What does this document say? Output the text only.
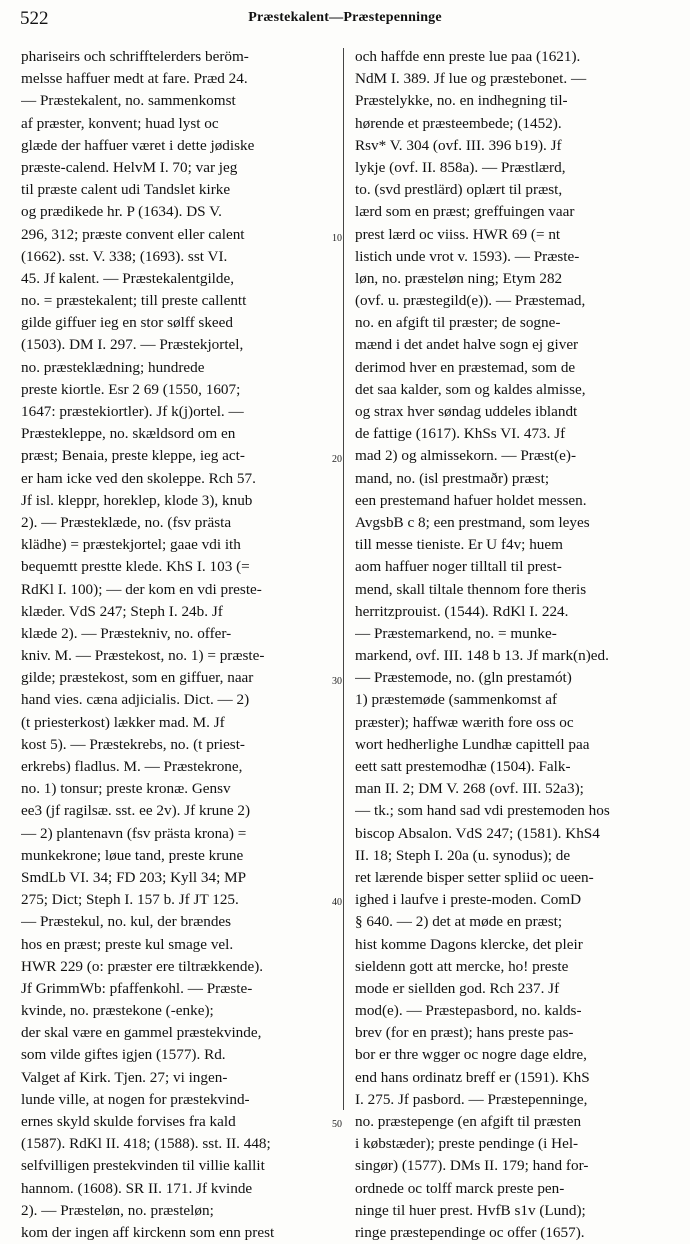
522	Præstekalent—Præstepenninge
10
20
30
40
50
phariseirs och schrifftelerders beröm-
melsse haffuer medt at fare. Præd 24.
— Præstekalent, no. sammenkomst
af præster, konvent; huad lyst oc
glæde der haffuer været i dette jødiske
præste-calend. HelvM I. 70; var jeg
til præste calent udi Tandslet kirke
og prædikede hr. P (1634). DS V.
296, 312; præste convent eller calent
(1662). sst. V. 338; (1693). sst VI.
45. Jf kalent. — Præstekalentgilde,
no. = præstekalent; till preste callentt
gilde giffuer ieg en stor sølff skeed
(1503). DM I. 297. — Præstekjortel,
no. præsteklædning; hundrede
preste kiortle. Esr 2 69 (1550, 1607;
1647: præstekiortler). Jf k(j)ortel. —
Præstekleppe, no. skældsord om en
præst; Benaia, preste kleppe, ieg act-
er ham icke ved den skoleppe. Rch 57.
Jf isl. kleppr, horeklep, klode 3), knub
2). — Præsteklæde, no. (fsv prästa
klädhe) = præstekjortel; gaae vdi ith
bequemtt prestte klede. KhS I. 103 (=
RdKl I. 100); — der kom en vdi preste-
klæder. VdS 247; Steph I. 24b. Jf
klæde 2). — Præstekniv, no. offer-
kniv. M. — Præstekost, no. 1) = præste-
gilde; præstekost, som en giffuer, naar
hand vies. cæna adjicialis. Dict. — 2)
(t priesterkost) lækker mad. M. Jf
kost 5). — Præstekrebs, no. (t priest-
erkrebs) fladlus. M. — Præstekrone,
no. 1) tonsur; preste kronæ. Gensv
ee3 (jf ragilsæ. sst. ee 2v). Jf krune 2)
— 2) plantenavn (fsv prästa krona) =
munkekrone; løue tand, preste krune
SmdLb VI. 34; FD 203; Kyll 34; MP
275; Dict; Steph I. 157 b. Jf JT 125.
— Præstekul, no. kul, der brændes
hos en præst; preste kul smage vel.
HWR 229 (o: præster ere tiltrækkende).
Jf GrimmWb: pfaffenkohl. — Præste-
kvinde, no. præstekone (-enke);
der skal være en gammel præstekvinde,
som vilde giftes igjen (1577). Rd.
Valget af Kirk. Tjen. 27; vi ingen-
lunde ville, at nogen for præstekvind-
ernes skyld skulde forvises fra kald
(1587). RdKl II. 418; (1588). sst. II. 448;
selfvilligen prestekvinden til villie kallit
hannom. (1608). SR II. 171. Jf kvinde
2). — Præsteløn, no. præsteløn;
kom der ingen aff kirckenn som enn prest
och haffde enn preste lue paa (1621).
NdM I. 389. Jf lue og præstebonet. —
Præstelykke, no. en indhegning til-
hørende et præsteembede; (1452).
Rsv* V. 304 (ovf. III. 396 b19). Jf
lykje (ovf. II. 858a). — Præstlærd,
to. (svd prestlärd) oplært til præst,
lærd som en præst; greffuingen vaar
prest lærd oc viiss. HWR 69 (= nt
listich unde vrot v. 1593). — Præste-
løn, no. præsteløn ning; Etym 282
(ovf. u. præstegild(e)). — Præstemad,
no. en afgift til præster; de sogne-
mænd i det andet halve sogn ej giver
derimod hver en præstemad, som de
det saa kalder, som og kaldes almisse,
og strax hver søndag uddeles iblandt
de fattige (1617). KhSs VI. 473. Jf
mad 2) og almissekorn. — Præst(e)-
mand, no. (isl prestmaðr) præst;
een prestemand hafuer holdet messen.
AvgsbB c 8; een prestmand, som leyes
till messe tieniste. Er U f4v; huem
aom haffuer noger tilltall til prest-
mend, skall tiltale thennom fore theris
herritzprouist. (1544). RdKl I. 224.
— Præstemarkend, no. = munke-
markend, ovf. III. 148 b 13. Jf mark(n)ed.
— Præstemode, no. (gln prestamót)
1) præstemøde (sammenkomst af
præster); haffwæ wærith fore oss oc
wort hedherlighe Lundhæ capittell paa
eett satt prestemodhæ (1504). Falk-
man II. 2; DM V. 268 (ovf. III. 52a3);
— tk.; som hand sad vdi prestemoden hos
biscop Absalon. VdS 247; (1581). KhS4
II. 18; Steph I. 20a (u. synodus); de
ret lærende bisper setter spliid oc ueen-
ighed i laufve i preste-moden. ComD
§ 640. — 2) det at møde en præst;
hist komme Dagons klercke, det pleir
sieldenn gott att mercke, ho! preste
mode er siellden god. Rch 237. Jf
mod(e). — Præstepasbord, no. kalds-
brev (for en præst); hans preste pas-
bor er thre wgger oc nogre dage eldre,
end hans ordinatz breff er (1591). KhS
I. 275. Jf pasbord. — Præstepenninge,
no. præstepenge (en afgift til præsten
i købstæder); preste pendinge (i Hel-
singør) (1577). DMs II. 179; hand for-
ordnede oc tolff marck preste pen-
ninge til huer prest. HvfB s1v (Lund);
ringe præstependinge oc offer (1657).
